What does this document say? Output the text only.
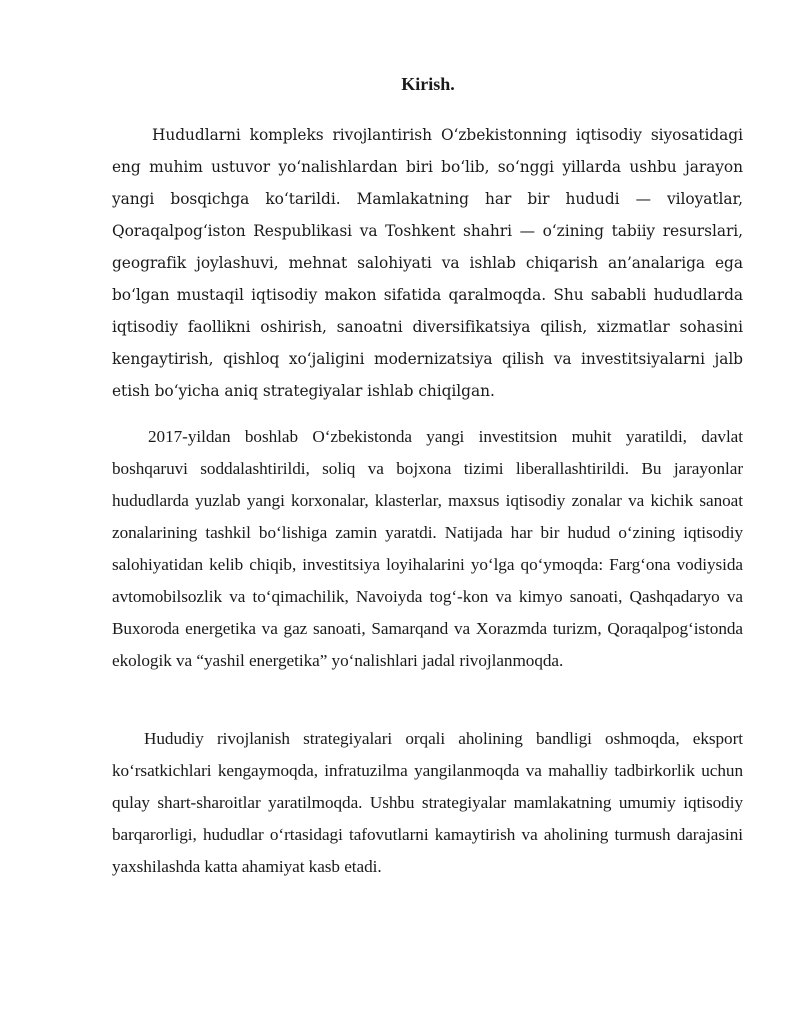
Kirish.

Hududlarni kompleks rivojlantirish O‘zbekistonning iqtisodiy siyosatidagi eng muhim ustuvor yo‘nalishlardan biri bo‘lib, so‘nggi yillarda ushbu jarayon yangi bosqichga ko‘tarildi. Mamlakatning har bir hududi — viloyatlar, Qoraqalpog‘iston Respublikasi va Toshkent shahri — o‘zining tabiiy resurslari, geografik joylashuvi, mehnat salohiyati va ishlab chiqarish an’analariga ega bo‘lgan mustaqil iqtisodiy makon sifatida qaralmoqda. Shu sababli hududlarda iqtisodiy faollikni oshirish, sanoatni diversifikatsiya qilish, xizmatlar sohasini kengaytirish, qishloq xo‘jaligini modernizatsiya qilish va investitsiyalarni jalb etish bo‘yicha aniq strategiyalar ishlab chiqilgan.

2017-yildan boshlab O‘zbekistonda yangi investitsion muhit yaratildi, davlat boshqaruvi soddalashtirildi, soliq va bojxona tizimi liberallashtirildi. Bu jarayonlar hududlarda yuzlab yangi korxonalar, klasterlar, maxsus iqtisodiy zonalar va kichik sanoat zonalarining tashkil bo‘lishiga zamin yaratdi. Natijada har bir hudud o‘zining iqtisodiy salohiyatidan kelib chiqib, investitsiya loyihalarini yo‘lga qo‘ymoqda: Farg‘ona vodiysida avtomobilsozlik va to‘qimachilik, Navoiyda tog‘-kon va kimyo sanoati, Qashqadaryo va Buxoroda energetika va gaz sanoati, Samarqand va Xorazmda turizm, Qoraqalpog‘istonda ekologik va “yashil energetika” yo‘nalishlari jadal rivojlanmoqda.

Hududiy rivojlanish strategiyalari orqali aholining bandligi oshmoqda, eksport ko‘rsatkichlari kengaymoqda, infratuzilma yangilanmoqda va mahalliy tadbirkorlik uchun qulay shart-sharoitlar yaratilmoqda. Ushbu strategiyalar mamlakatning umumiy iqtisodiy barqarorligi, hududlar o‘rtasidagi tafovutlarni kamaytirish va aholining turmush darajasini yaxshilashda katta ahamiyat kasb etadi.
